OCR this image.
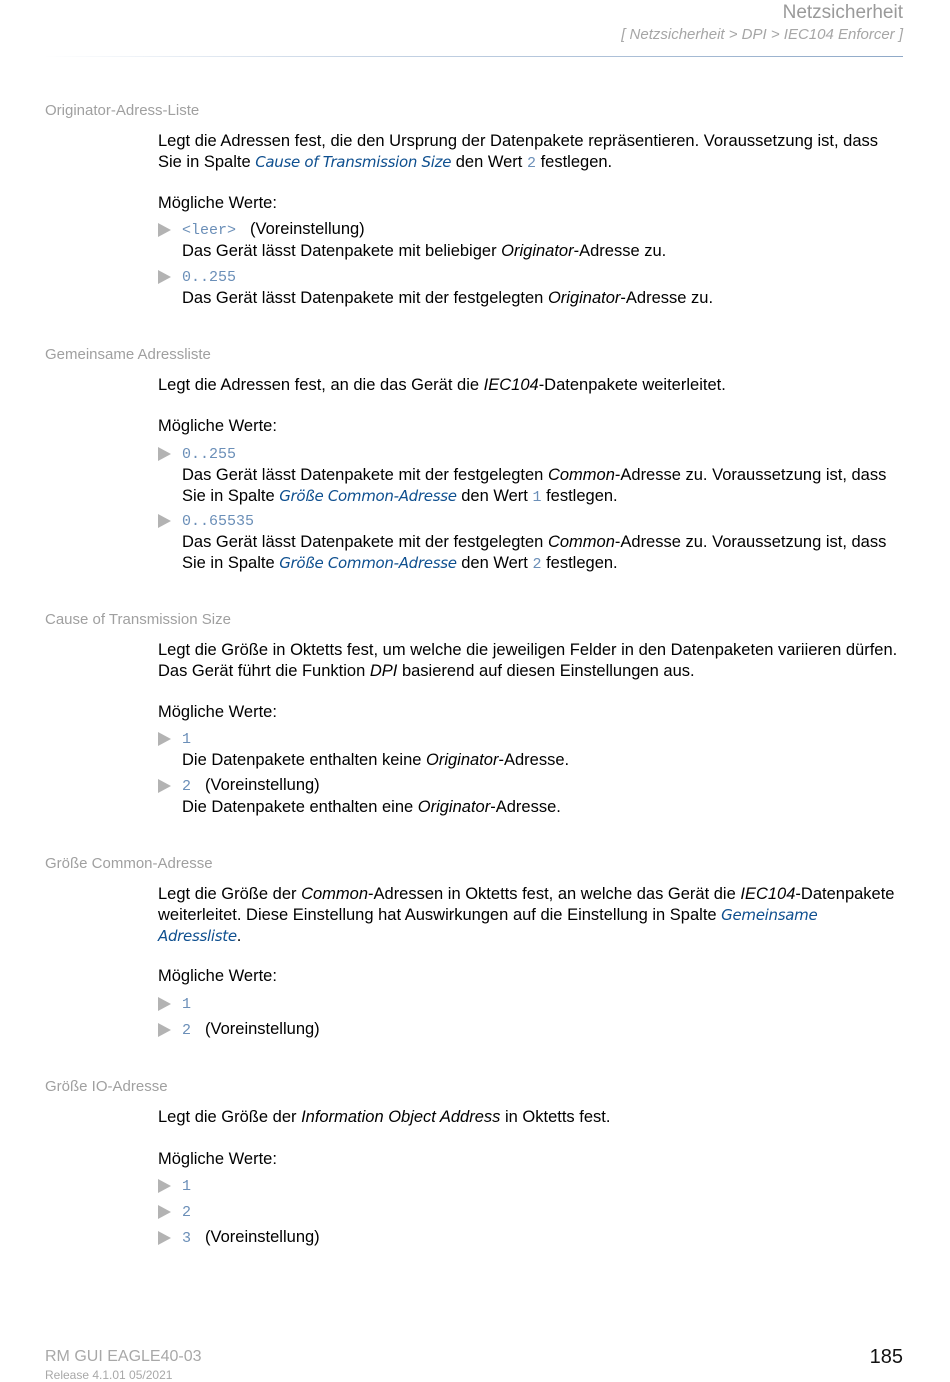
Netzsicherheit
[ Netzsicherheit > DPI > IEC104 Enforcer ]
Originator-Adress-Liste
Legt die Adressen fest, die den Ursprung der Datenpakete repräsentieren. Voraussetzung ist, dass Sie in Spalte Cause of Transmission Size den Wert 2 festlegen.
Mögliche Werte:
<leer> (Voreinstellung)
Das Gerät lässt Datenpakete mit beliebiger Originator-Adresse zu.
0..255
Das Gerät lässt Datenpakete mit der festgelegten Originator-Adresse zu.
Gemeinsame Adressliste
Legt die Adressen fest, an die das Gerät die IEC104-Datenpakete weiterleitet.
Mögliche Werte:
0..255
Das Gerät lässt Datenpakete mit der festgelegten Common-Adresse zu. Voraussetzung ist, dass Sie in Spalte Größe Common-Adresse den Wert 1 festlegen.
0..65535
Das Gerät lässt Datenpakete mit der festgelegten Common-Adresse zu. Voraussetzung ist, dass Sie in Spalte Größe Common-Adresse den Wert 2 festlegen.
Cause of Transmission Size
Legt die Größe in Oktetts fest, um welche die jeweiligen Felder in den Datenpaketen variieren dürfen. Das Gerät führt die Funktion DPI basierend auf diesen Einstellungen aus.
Mögliche Werte:
1
Die Datenpakete enthalten keine Originator-Adresse.
2 (Voreinstellung)
Die Datenpakete enthalten eine Originator-Adresse.
Größe Common-Adresse
Legt die Größe der Common-Adressen in Oktetts fest, an welche das Gerät die IEC104-Datenpakete weiterleitet. Diese Einstellung hat Auswirkungen auf die Einstellung in Spalte Gemeinsame Adressliste.
Mögliche Werte:
1
2 (Voreinstellung)
Größe IO-Adresse
Legt die Größe der Information Object Address in Oktetts fest.
Mögliche Werte:
1
2
3 (Voreinstellung)
RM GUI EAGLE40-03
Release 4.1.01 05/2021
185
